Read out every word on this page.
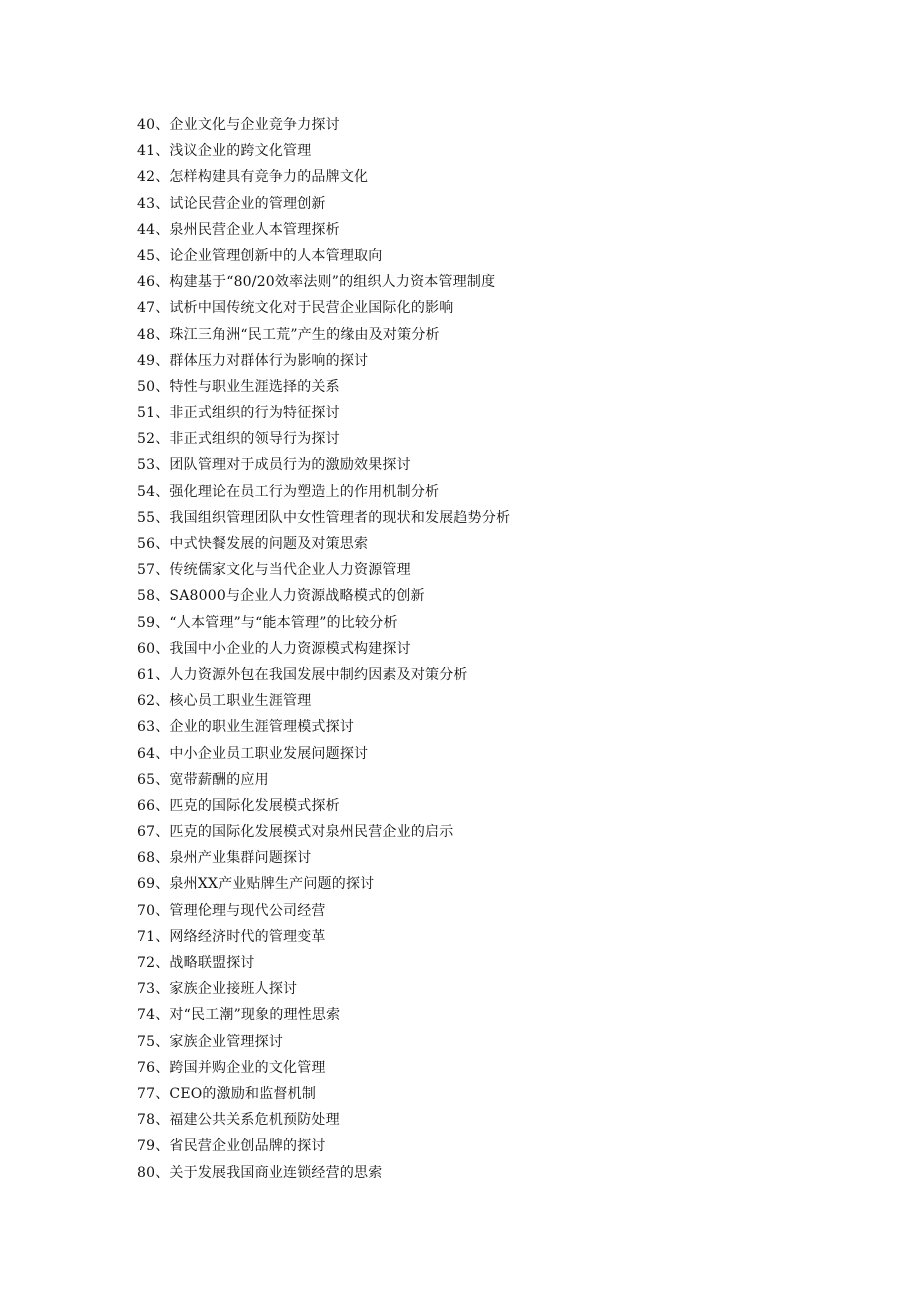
40、企业文化与企业竞争力探讨
41、浅议企业的跨文化管理
42、怎样构建具有竞争力的品牌文化
43、试论民营企业的管理创新
44、泉州民营企业人本管理探析
45、论企业管理创新中的人本管理取向
46、构建基于“80/20效率法则”的组织人力资本管理制度
47、试析中国传统文化对于民营企业国际化的影响
48、珠江三角洲“民工荒”产生的缘由及对策分析
49、群体压力对群体行为影响的探讨
50、特性与职业生涯选择的关系
51、非正式组织的行为特征探讨
52、非正式组织的领导行为探讨
53、团队管理对于成员行为的激励效果探讨
54、强化理论在员工行为塑造上的作用机制分析
55、我国组织管理团队中女性管理者的现状和发展趋势分析
56、中式快餐发展的问题及对策思索
57、传统儒家文化与当代企业人力资源管理
58、SA8000与企业人力资源战略模式的创新
59、“人本管理”与“能本管理”的比较分析
60、我国中小企业的人力资源模式构建探讨
61、人力资源外包在我国发展中制约因素及对策分析
62、核心员工职业生涯管理
63、企业的职业生涯管理模式探讨
64、中小企业员工职业发展问题探讨
65、宽带薪酬的应用
66、匹克的国际化发展模式探析
67、匹克的国际化发展模式对泉州民营企业的启示
68、泉州产业集群问题探讨
69、泉州XX产业贴牌生产问题的探讨
70、管理伦理与现代公司经营
71、网络经济时代的管理变革
72、战略联盟探讨
73、家族企业接班人探讨
74、对“民工潮”现象的理性思索
75、家族企业管理探讨
76、跨国并购企业的文化管理
77、CEO的激励和监督机制
78、福建公共关系危机预防处理
79、省民营企业创品牌的探讨
80、关于发展我国商业连锁经营的思索
